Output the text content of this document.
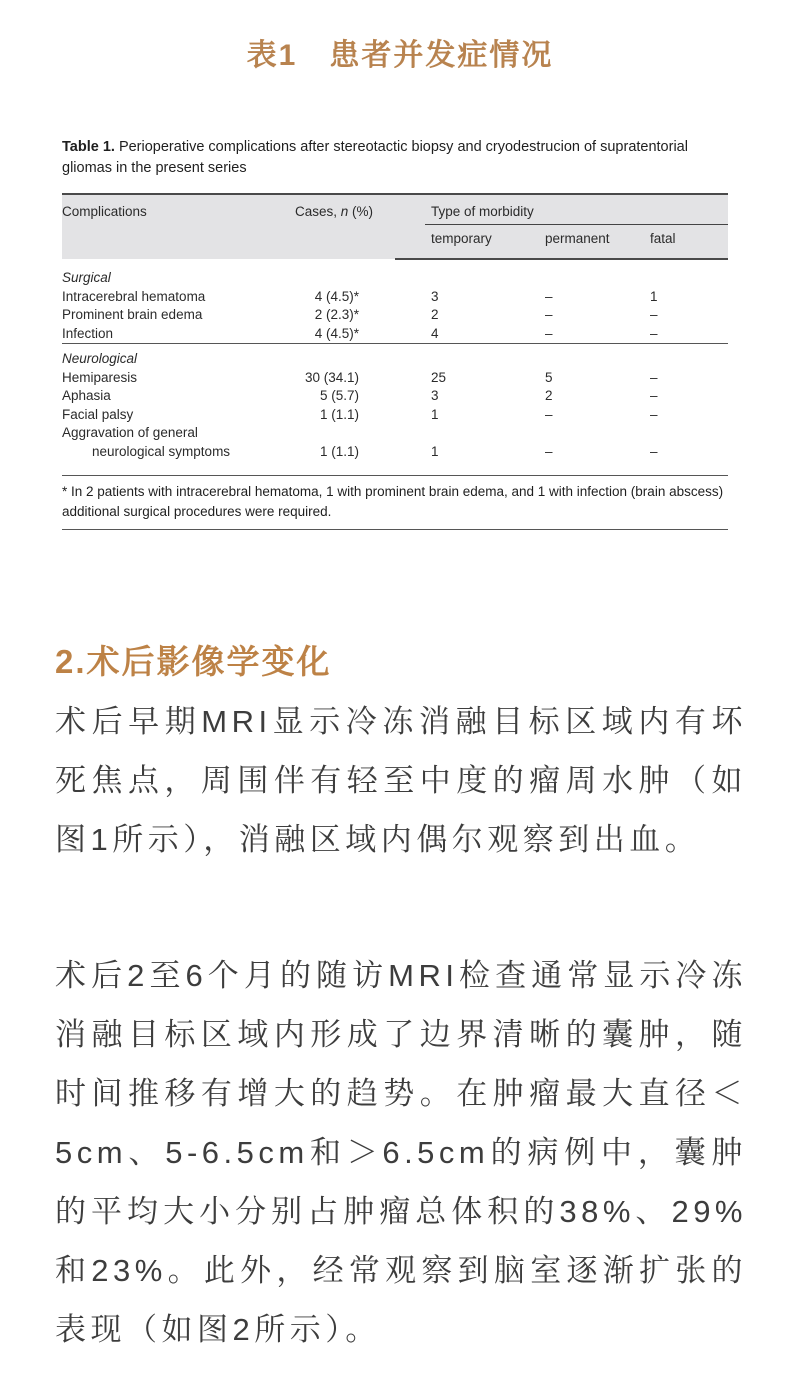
表1　患者并发症情况
Table 1. Perioperative complications after stereotactic biopsy and cryodestrucion of supratentorial gliomas in the present series
Complications	Cases, n (%)	Type of morbidity		

		temporary	permanent	fatal
Surgical				
Intracerebral hematoma	4 (4.5)*	3	–	1
Prominent brain edema	2 (2.3)*	2	–	–
Infection	4 (4.5)*	4	–	–
Neurological				
Hemiparesis	30 (34.1)	25	5	–
Aphasia	5 (5.7)	3	2	–
Facial palsy	1 (1.1)	1	–	–
Aggravation of general				
neurological symptoms	1 (1.1)	1	–	–
* In 2 patients with intracerebral hematoma, 1 with prominent brain edema, and 1 with infection (brain abscess) additional surgical procedures were required.
2.术后影像学变化

术后早期MRI显示冷冻消融目标区域内有坏死焦点，周围伴有轻至中度的瘤周水肿（如图1所示），消融区域内偶尔观察到出血。

术后2至6个月的随访MRI检查通常显示冷冻消融目标区域内形成了边界清晰的囊肿，随时间推移有增大的趋势。在肿瘤最大直径＜5cm、5-6.5cm和＞6.5cm的病例中，囊肿的平均大小分别占肿瘤总体积的38%、29%和23%。此外，经常观察到脑室逐渐扩张的表现（如图2所示）。
